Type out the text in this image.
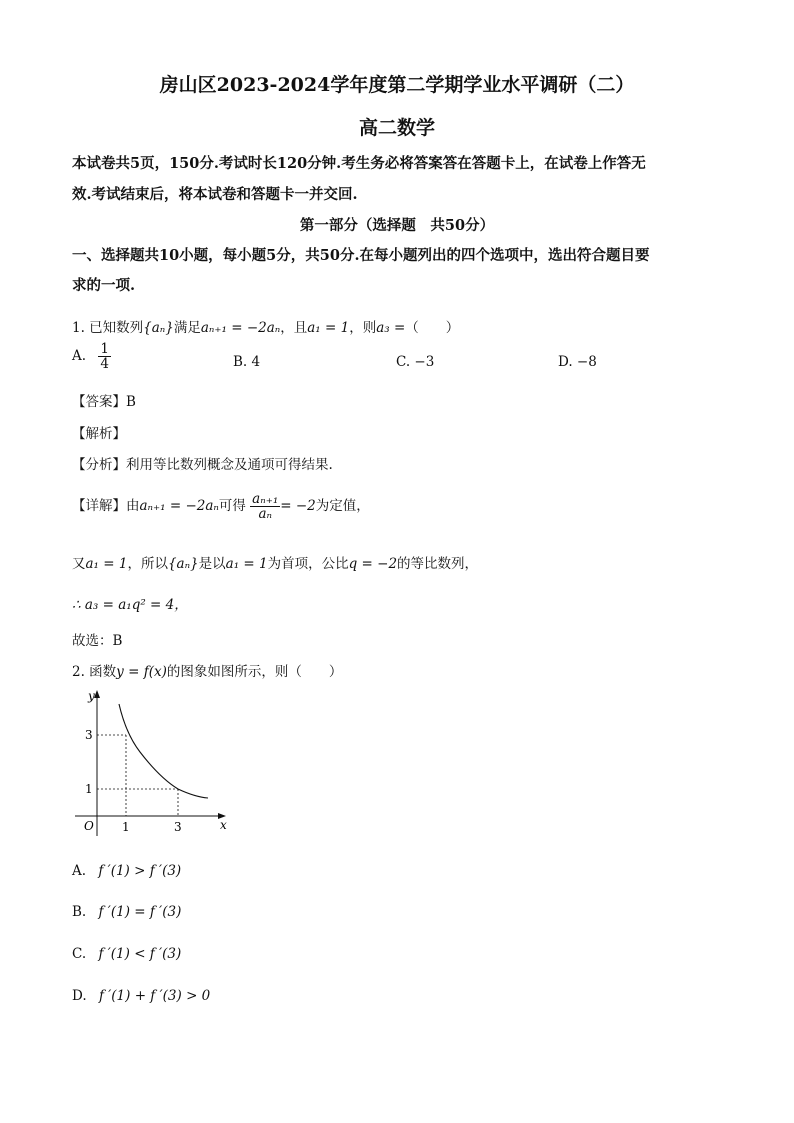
房山区2023-2024学年度第二学期学业水平调研（二）
高二数学
本试卷共5页，150分.考试时长120分钟.考生务必将答案答在答题卡上，在试卷上作答无
效.考试结束后，将本试卷和答题卡一并交回.
第一部分（选择题　共50分）
一、选择题共10小题，每小题5分，共50分.在每小题列出的四个选项中，选出符合题目要
求的一项.
1. 已知数列{aₙ}满足aₙ₊₁ = −2aₙ，且a₁ = 1，则a₃ =（　　）
A. $\frac{1}{4}$	B. 4	C. −3	D. −8
【答案】B
【解析】
【分析】利用等比数列概念及通项可得结果.
【详解】由aₙ₊₁ = −2aₙ可得 $\frac{\text{aₙ₊₁}}{\text{aₙ}} = -2$为定值，
又a₁ = 1，所以{aₙ}是以a₁ = 1为首项，公比q = −2的等比数列，
∴ a₃ = a₁q² = 4，
故选：B
2. 函数y = f(x)的图象如图所示，则（　　）
y
x
O 1	3
3
1
A. f ′(1) > f ′(3)
B. f ′(1) = f ′(3)
C. f ′(1) < f ′(3)
D. f ′(1) + f ′(3) > 0
